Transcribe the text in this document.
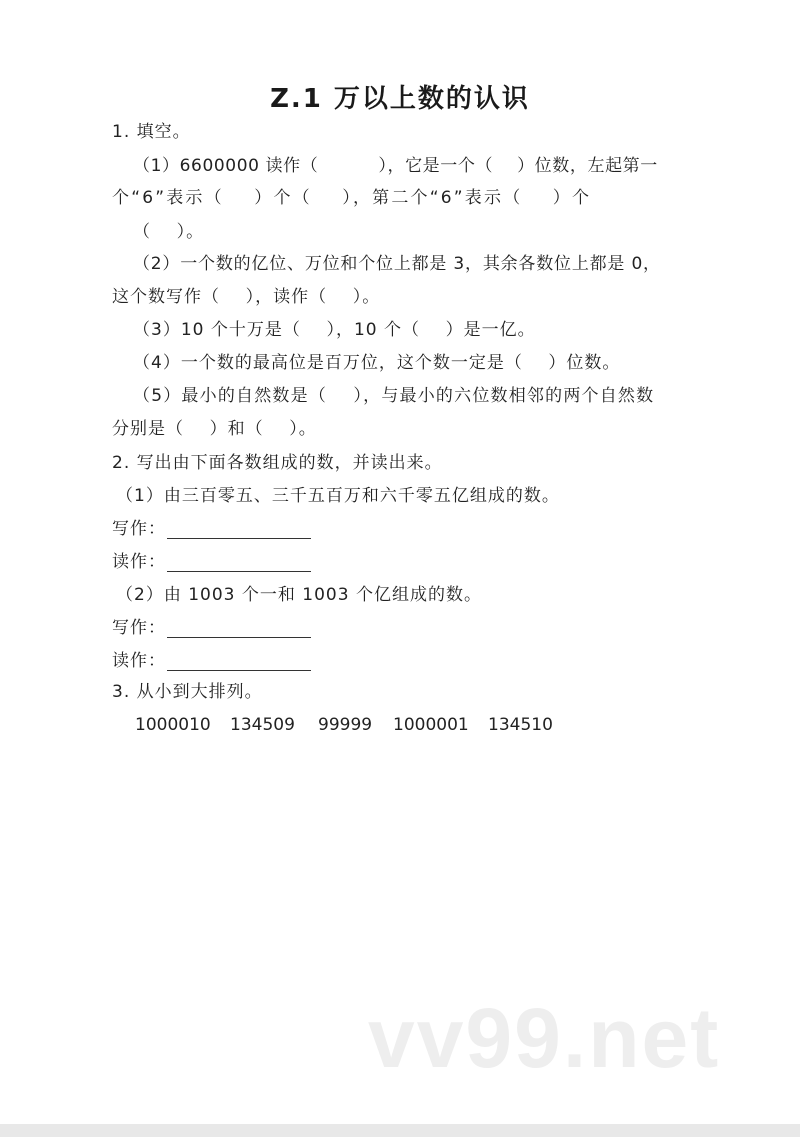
Z.1 万以上数的认识
1. 填空。
（1）6600000 读作（          ），它是一个（    ）位数，左起第一
个“6”表示（    ）个（    ），第二个“6”表示（    ）个
（    ）。
（2）一个数的亿位、万位和个位上都是 3，其余各数位上都是 0，
这个数写作（    ），读作（    ）。
（3）10 个十万是（    ），10 个（    ）是一亿。
（4）一个数的最高位是百万位，这个数一定是（    ）位数。
（5）最小的自然数是（    ），与最小的六位数相邻的两个自然数
分别是（    ）和（    ）。
2. 写出由下面各数组成的数，并读出来。
（1）由三百零五、三千五百万和六千零五亿组成的数。
写作：
读作：
（2）由 1003 个一和 1003 个亿组成的数。
写作：
读作：
3. 从小到大排列。
1000010 134509 99999 1000001 134510
vv99.net
